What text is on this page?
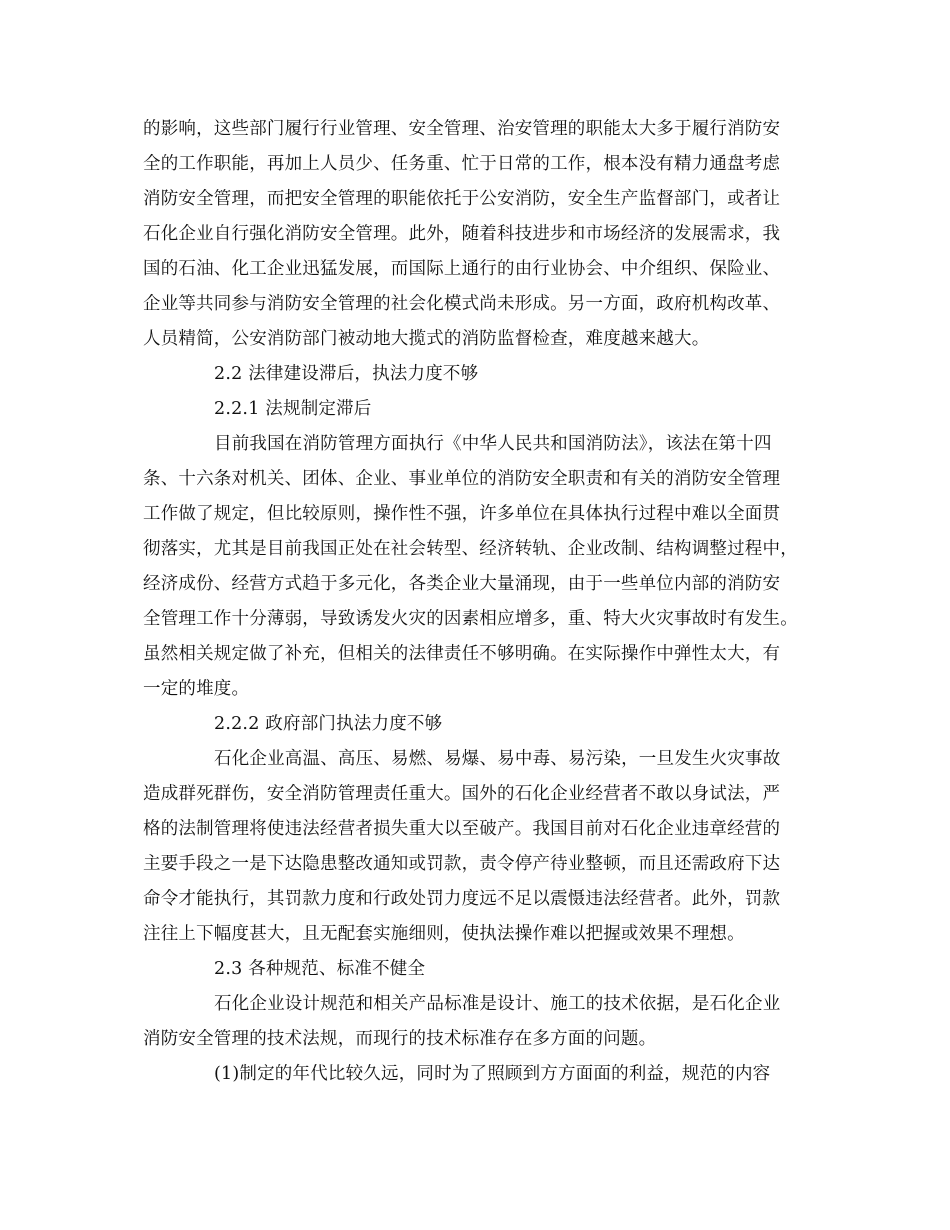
的影响，这些部门履行行业管理、安全管理、治安管理的职能太大多于履行消防安
全的工作职能，再加上人员少、任务重、忙于日常的工作，根本没有精力通盘考虑
消防安全管理，而把安全管理的职能依托于公安消防，安全生产监督部门，或者让
石化企业自行强化消防安全管理。此外，随着科技进步和市场经济的发展需求，我
国的石油、化工企业迅猛发展，而国际上通行的由行业协会、中介组织、保险业、
企业等共同参与消防安全管理的社会化模式尚未形成。另一方面，政府机构改革、
人员精简，公安消防部门被动地大揽式的消防监督检查，难度越来越大。
2.2 法律建设滞后，执法力度不够
2.2.1 法规制定滞后
目前我国在消防管理方面执行《中华人民共和国消防法》，该法在第十四
条、十六条对机关、团体、企业、事业单位的消防安全职责和有关的消防安全管理
工作做了规定，但比较原则，操作性不强，许多单位在具体执行过程中难以全面贯
彻落实，尤其是目前我国正处在社会转型、经济转轨、企业改制、结构调整过程中，
经济成份、经营方式趋于多元化，各类企业大量涌现，由于一些单位内部的消防安
全管理工作十分薄弱，导致诱发火灾的因素相应增多，重、特大火灾事故时有发生。
虽然相关规定做了补充，但相关的法律责任不够明确。在实际操作中弹性太大，有
一定的堆度。
2.2.2 政府部门执法力度不够
石化企业高温、高压、易燃、易爆、易中毒、易污染，一旦发生火灾事故
造成群死群伤，安全消防管理责任重大。国外的石化企业经营者不敢以身试法，严
格的法制管理将使违法经营者损失重大以至破产。我国目前对石化企业违章经营的
主要手段之一是下达隐患整改通知或罚款，责令停产待业整顿，而且还需政府下达
命令才能执行，其罚款力度和行政处罚力度远不足以震慑违法经营者。此外，罚款
注往上下幅度甚大，且无配套实施细则，使执法操作难以把握或效果不理想。
2.3 各种规范、标准不健全
石化企业设计规范和相关产品标准是设计、施工的技术依据，是石化企业
消防安全管理的技术法规，而现行的技术标准存在多方面的问题。
(1)制定的年代比较久远，同时为了照顾到方方面面的利益，规范的内容
